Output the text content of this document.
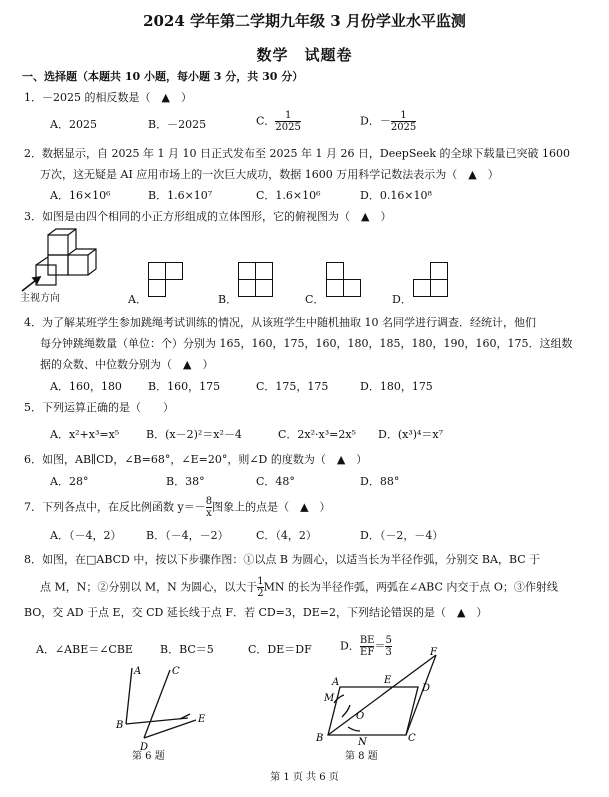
2024 学年第二学期九年级 3 月份学业水平监测
数学　试题卷
一、选择题（本题共 10 小题，每小题 3 分，共 30 分）
1．－2025 的相反数是（　▲　）
A．2025	B．－2025	C． $\frac{1}{2025}$	D．－ $\frac{1}{2025}$
2．数据显示，自 2025 年 1 月 10 日正式发布至 2025 年 1 月 26 日，DeepSeek 的全球下载量已突破 1600
万次，这无疑是 AI 应用市场上的一次巨大成功，数据 1600 万用科学记数法表示为（　▲　）
A．16×10⁶	B．1.6×10⁷	C．1.6×10⁶	D．0.16×10⁸
3．如图是由四个相同的小正方形组成的立体图形，它的俯视图为（　▲　）
主视方向	A．	B．	C．	D．
4．为了解某班学生参加跳绳考试训练的情况，从该班学生中随机抽取 10 名同学进行调查．经统计，他们
每分钟跳绳数量（单位：个）分别为 165，160，175，160，180，185，180，190，160，175．这组数
据的众数、中位数分别为（　▲　）
A．160，180 B．160，175	C．175，175	D．180，175
5．下列运算正确的是（　　）
A．x²+x³=x⁵ B．(x－2)²＝x²－4	C．2x²·x³=2x⁵ D．(x³)⁴＝x⁷
6．如图，AB∥CD，∠B=68°，∠E=20°，则∠D 的度数为（　▲　）
A．28°	B．38°	C．48°	D．88°
7．下列各点中，在反比例函数 $y=- \frac{8}{x}$ 图象上的点是（　▲　）
A．（－4，2） B．（－4，－2） C．（4，2）	D．（－2，－4）
8．如图，在□ABCD 中，按以下步骤作图：①以点 B 为圆心，以适当长为半径作弧，分别交 BA，BC 于
点 M，N；②分别以 M，N 为圆心，以大于 $\frac{1}{2}$ MN 的长为半径作弧，两弧在∠ABC 内交于点 O；③作射线
BO，交 AD 于点 E，交 CD 延长线于点 F．若 CD=3，DE=2，下列结论错误的是（　▲　）
A．∠ABE＝∠CBE B．BC＝5	C．DE＝DF	D． $\frac{BE}{EF} = \frac{5}{3}$
A
B
C
D
E
第 6 题
A
B	C
D
E
F
M
N
O
第 8 题
第 1 页 共 6 页
